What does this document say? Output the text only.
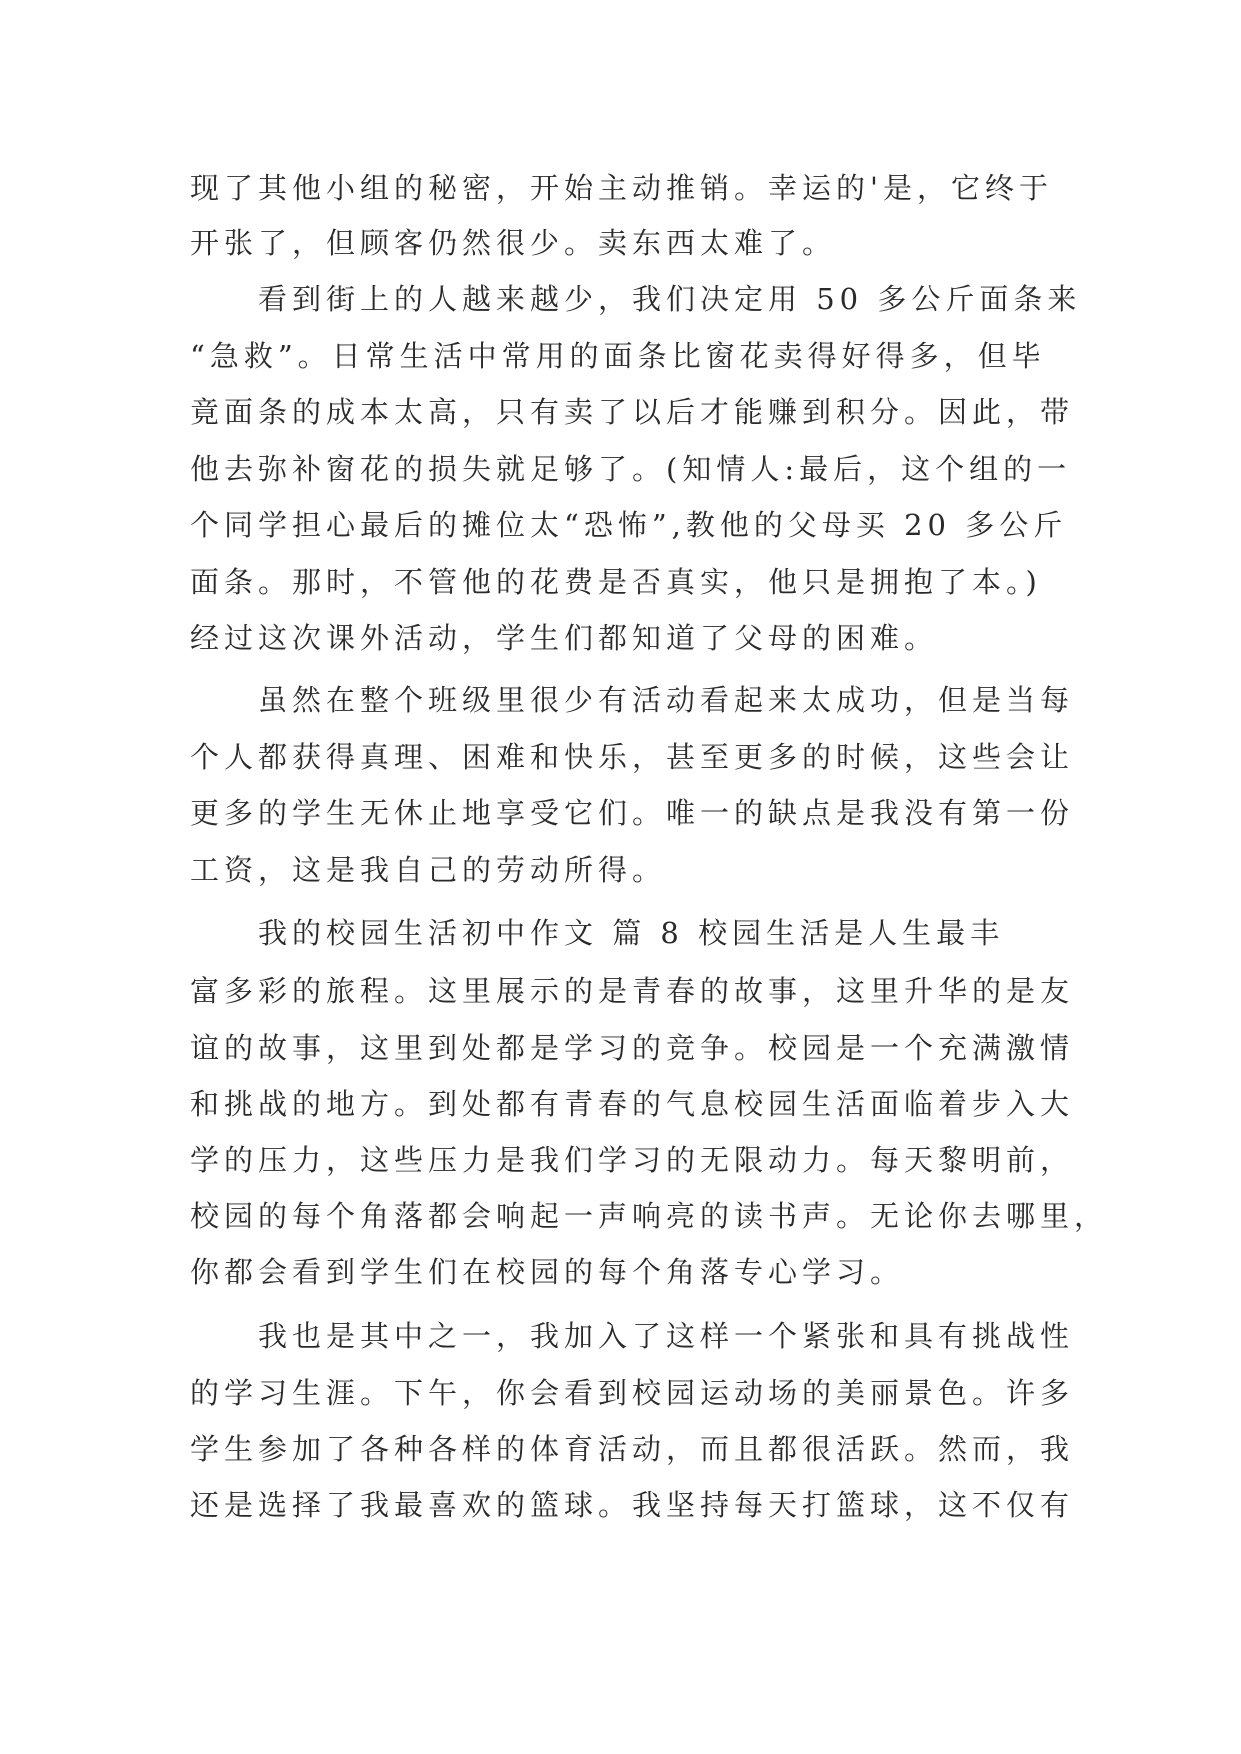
现了其他小组的秘密，开始主动推销。幸运的'是，它终于
开张了，但顾客仍然很少。卖东西太难了。
看到街上的人越来越少，我们决定用 50 多公斤面条来
“急救”。日常生活中常用的面条比窗花卖得好得多，但毕
竟面条的成本太高，只有卖了以后才能赚到积分。因此，带
他去弥补窗花的损失就足够了。(知情人:最后，这个组的一
个同学担心最后的摊位太“恐怖”,教他的父母买 20 多公斤
面条。那时，不管他的花费是否真实，他只是拥抱了本。)
经过这次课外活动，学生们都知道了父母的困难。
虽然在整个班级里很少有活动看起来太成功，但是当每
个人都获得真理、困难和快乐，甚至更多的时候，这些会让
更多的学生无休止地享受它们。唯一的缺点是我没有第一份
工资，这是我自己的劳动所得。
我的校园生活初中作文 篇 8 校园生活是人生最丰
富多彩的旅程。这里展示的是青春的故事，这里升华的是友
谊的故事，这里到处都是学习的竞争。校园是一个充满激情
和挑战的地方。到处都有青春的气息校园生活面临着步入大
学的压力，这些压力是我们学习的无限动力。每天黎明前，
校园的每个角落都会响起一声响亮的读书声。无论你去哪里，
你都会看到学生们在校园的每个角落专心学习。
我也是其中之一，我加入了这样一个紧张和具有挑战性
的学习生涯。下午，你会看到校园运动场的美丽景色。许多
学生参加了各种各样的体育活动，而且都很活跃。然而，我
还是选择了我最喜欢的篮球。我坚持每天打篮球，这不仅有
